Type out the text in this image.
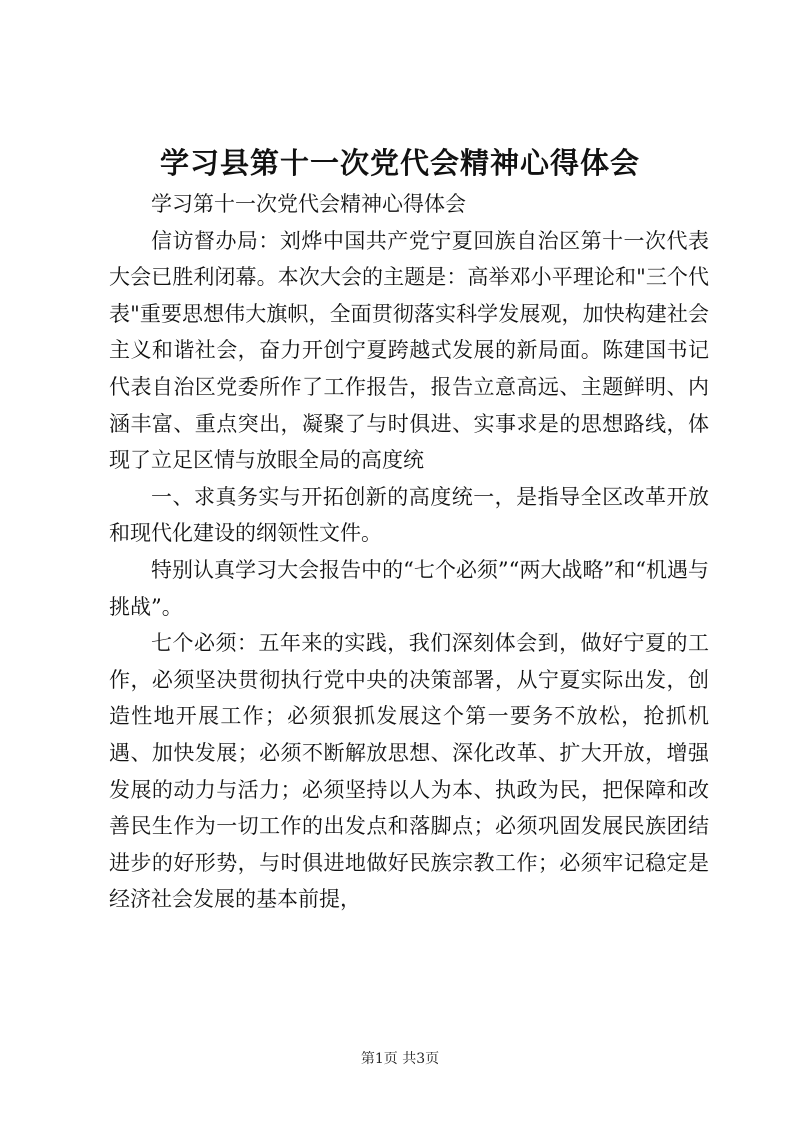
学习县第十一次党代会精神心得体会

学习第十一次党代会精神心得体会

信访督办局：刘烨中国共产党宁夏回族自治区第十一次代表大会已胜利闭幕。本次大会的主题是：高举邓小平理论和"三个代表"重要思想伟大旗帜，全面贯彻落实科学发展观，加快构建社会主义和谐社会，奋力开创宁夏跨越式发展的新局面。陈建国书记代表自治区党委所作了工作报告，报告立意高远、主题鲜明、内涵丰富、重点突出，凝聚了与时俱进、实事求是的思想路线，体现了立足区情与放眼全局的高度统

一、求真务实与开拓创新的高度统一，是指导全区改革开放和现代化建设的纲领性文件。

特别认真学习大会报告中的“七个必须”“两大战略”和“机遇与挑战”。

七个必须：五年来的实践，我们深刻体会到，做好宁夏的工作，必须坚决贯彻执行党中央的决策部署，从宁夏实际出发，创造性地开展工作；必须狠抓发展这个第一要务不放松，抢抓机遇、加快发展；必须不断解放思想、深化改革、扩大开放，增强发展的动力与活力；必须坚持以人为本、执政为民，把保障和改善民生作为一切工作的出发点和落脚点；必须巩固发展民族团结进步的好形势，与时俱进地做好民族宗教工作；必须牢记稳定是经济社会发展的基本前提，

第1页 共3页
